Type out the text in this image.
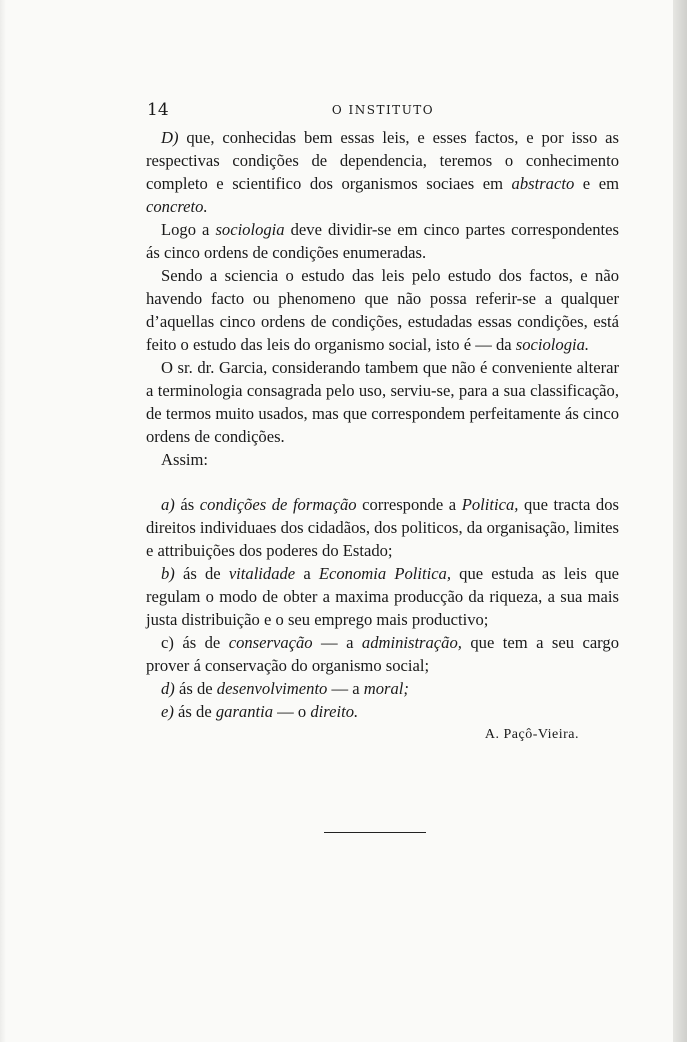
14	O INSTITUTO

D) que, conhecidas bem essas leis, e esses factos, e por isso as respectivas condições de dependencia, teremos o conhecimento completo e scientifico dos organismos sociaes em abstracto e em concreto.

Logo a sociologia deve dividir-se em cinco partes correspondentes ás cinco ordens de condições enumeradas.

Sendo a sciencia o estudo das leis pelo estudo dos factos, e não havendo facto ou phenomeno que não possa referir-se a qualquer d’aquellas cinco ordens de condições, estudadas essas condições, está feito o estudo das leis do organismo social, isto é — da sociologia.

O sr. dr. Garcia, considerando tambem que não é conveniente alterar a terminologia consagrada pelo uso, serviu-se, para a sua classificação, de termos muito usados, mas que correspondem perfeitamente ás cinco ordens de condições.

Assim:

a) ás condições de formação corresponde a Politica, que tracta dos direitos individuaes dos cidadãos, dos politicos, da organisação, limites e attribuições dos poderes do Estado;

b) ás de vitalidade a Economia Politica, que estuda as leis que regulam o modo de obter a maxima producção da riqueza, a sua mais justa distribuição e o seu emprego mais productivo;

c) ás de conservação — a administração, que tem a seu cargo prover á conservação do organismo social;

d) ás de desenvolvimento — a moral;

e) ás de garantia — o direito.

A. Paçô-Vieira.
